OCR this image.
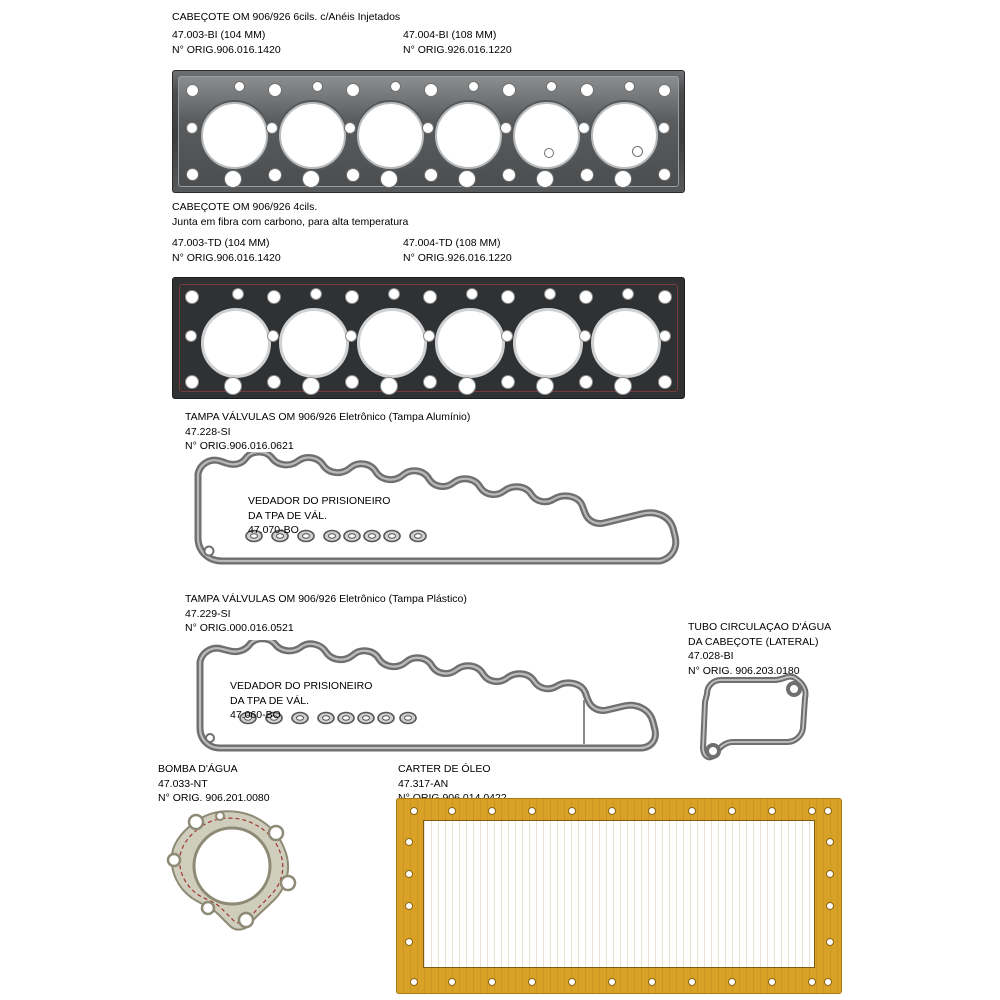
CABEÇOTE OM 906/926 6cils. c/Anéis Injetados
47.003-BI (104 MM)
N° ORIG.906.016.1420
47.004-BI (108 MM)
N° ORIG.926.016.1220
CABEÇOTE OM 906/926 4cils.
Junta em fibra com carbono, para alta temperatura
47.003-TD (104 MM)
N° ORIG.906.016.1420
47.004-TD (108 MM)
N° ORIG.926.016.1220
TAMPA VÁLVULAS OM 906/926 Eletrônico (Tampa Alumínio)
47.228-SI
N° ORIG.906.016.0621
VEDADOR DO PRISIONEIRO
DA TPA DE VÁL.
47.070-BO
TAMPA VÁLVULAS OM 906/926 Eletrônico (Tampa Plástico)
47.229-SI
N° ORIG.000.016.0521
VEDADOR DO PRISIONEIRO
DA TPA DE VÁL.
47.060-BO
TUBO CIRCULAÇAO D'ÁGUA
DA CABEÇOTE (LATERAL)
47.028-BI
N° ORIG. 906.203.0180
BOMBA D'ÁGUA
47.033-NT
N° ORIG. 906.201.0080
CARTER DE ÓLEO
47.317-AN
